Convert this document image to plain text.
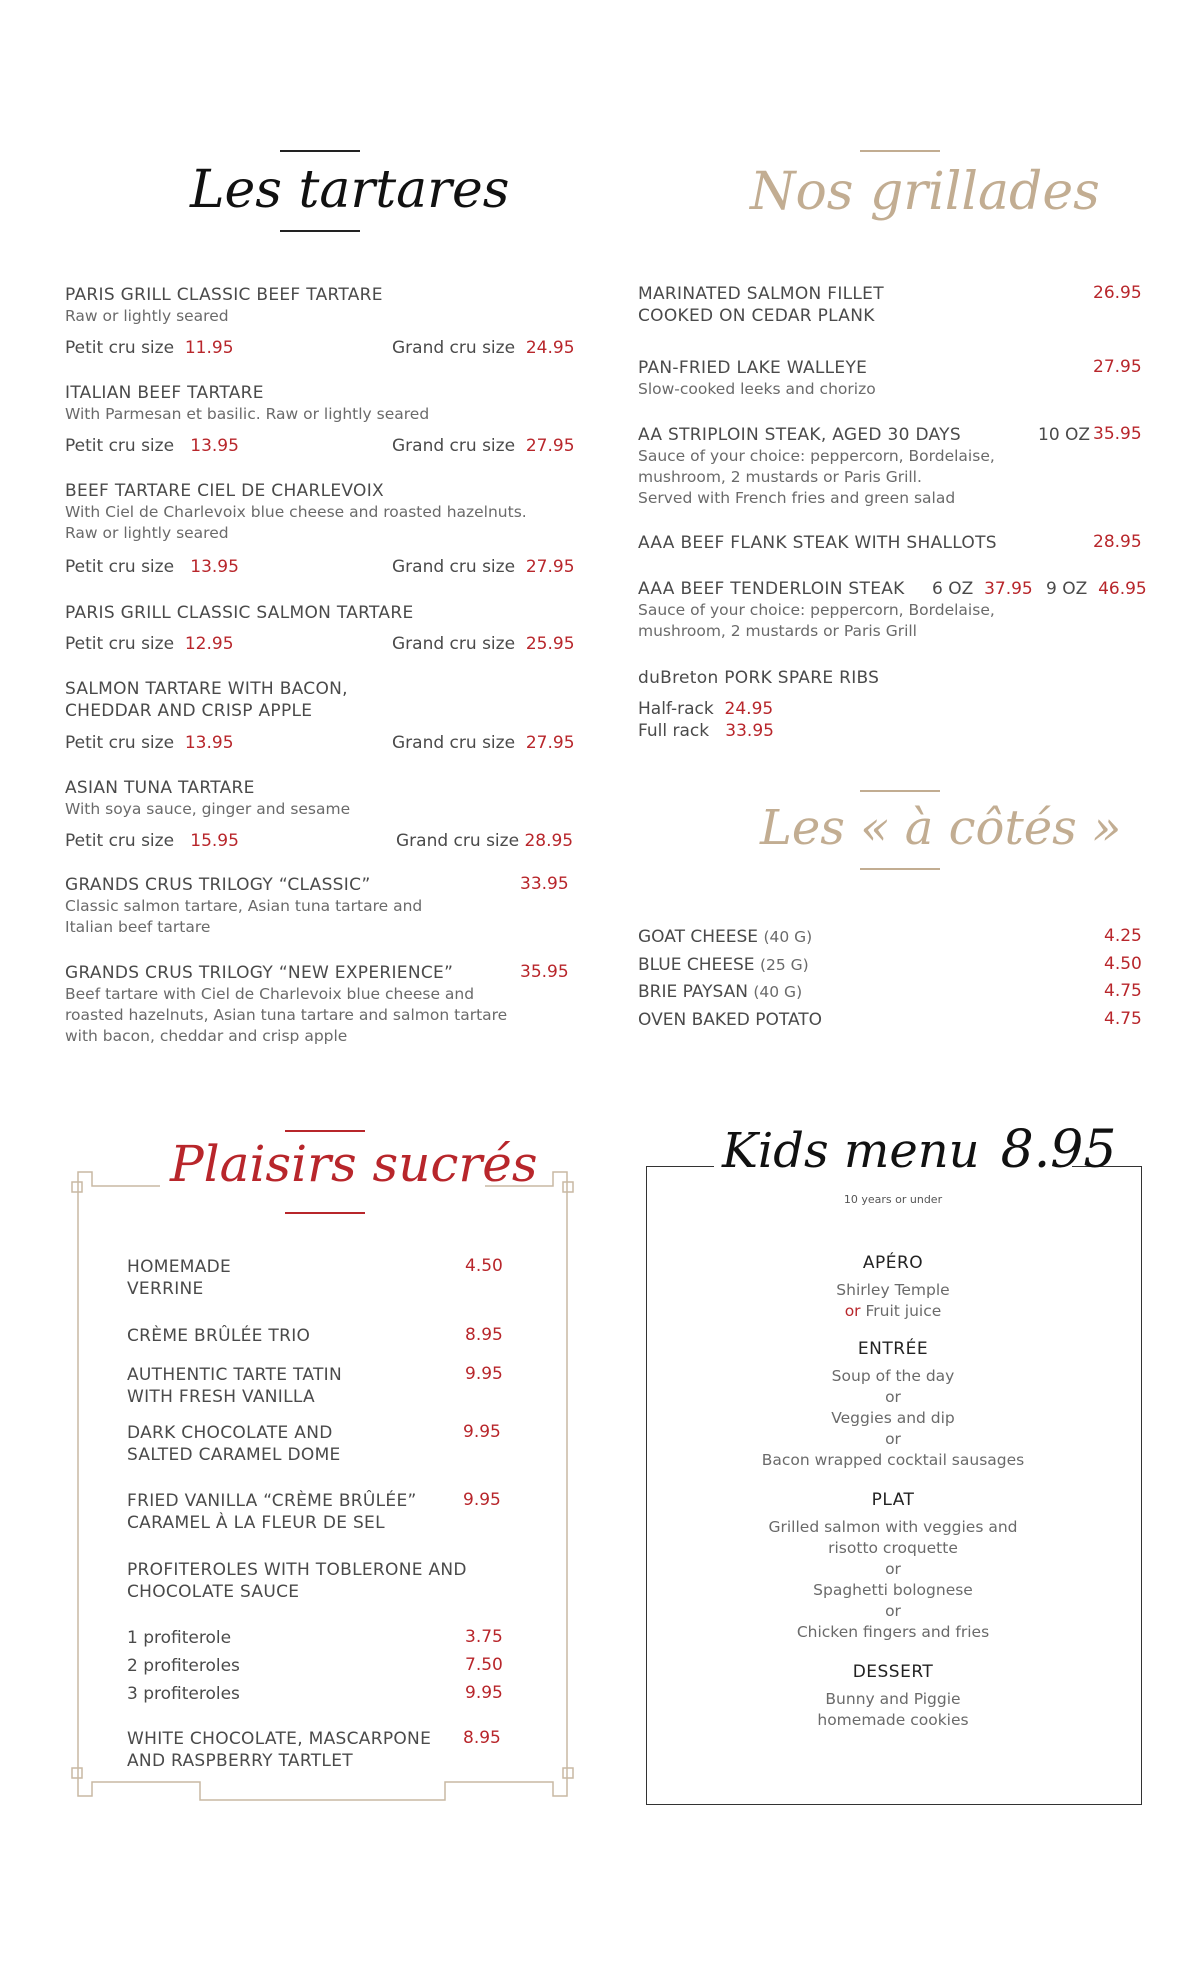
Les tartares
PARIS GRILL CLASSIC BEEF TARTARE
Raw or lightly seared
Petit cru size 11.95	Grand cru size 24.95
ITALIAN BEEF TARTARE
With Parmesan et basilic. Raw or lightly seared
Petit cru size 13.95	Grand cru size 27.95
BEEF TARTARE CIEL DE CHARLEVOIX
With Ciel de Charlevoix blue cheese and roasted hazelnuts.
Raw or lightly seared
Petit cru size 13.95	Grand cru size 27.95
PARIS GRILL CLASSIC SALMON TARTARE
Petit cru size 12.95	Grand cru size 25.95
SALMON TARTARE WITH BACON,
CHEDDAR AND CRISP APPLE
Petit cru size 13.95	Grand cru size 27.95
ASIAN TUNA TARTARE
With soya sauce, ginger and sesame
Petit cru size 15.95	Grand cru size 28.95
GRANDS CRUS TRILOGY “CLASSIC”
Classic salmon tartare, Asian tuna tartare and
Italian beef tartare
33.95
GRANDS CRUS TRILOGY “NEW EXPERIENCE”
Beef tartare with Ciel de Charlevoix blue cheese and
roasted hazelnuts, Asian tuna tartare and salmon tartare
with bacon, cheddar and crisp apple
35.95
Nos grillades
MARINATED SALMON FILLET
COOKED ON CEDAR PLANK
26.95
PAN-FRIED LAKE WALLEYE
Slow-cooked leeks and chorizo
27.95
AA STRIPLOIN STEAK, AGED 30 DAYS
Sauce of your choice: peppercorn, Bordelaise,
mushroom, 2 mustards or Paris Grill.
Served with French fries and green salad
10 OZ 35.95
AAA BEEF FLANK STEAK WITH SHALLOTS	28.95
AAA BEEF TENDERLOIN STEAK
Sauce of your choice: peppercorn, Bordelaise,
mushroom, 2 mustards or Paris Grill
6 OZ 37.95 9 OZ 46.95
duBreton PORK SPARE RIBS
Half-rack 24.95
Full rack 33.95
Les « à côtés »
GOAT CHEESE (40 G)	4.25
BLUE CHEESE (25 G)	4.50
BRIE PAYSAN (40 G)	4.75
OVEN BAKED POTATO	4.75
Plaisirs sucrés
HOMEMADE
VERRINE
4.50
CRÈME BRÛLÉE TRIO	8.95
AUTHENTIC TARTE TATIN
WITH FRESH VANILLA
9.95
DARK CHOCOLATE AND
SALTED CARAMEL DOME
9.95
FRIED VANILLA “CRÈME BRÛLÉE”
CARAMEL À LA FLEUR DE SEL
9.95
PROFITEROLES WITH TOBLERONE AND
CHOCOLATE SAUCE
1 profiterole	3.75
2 profiteroles	7.50
3 profiteroles	9.95
WHITE CHOCOLATE, MASCARPONE
AND RASPBERRY TARTLET
8.95
Kids menu 8.95
10 years or under
APÉRO
Shirley Temple
or Fruit juice
ENTRÉE
Soup of the day
or
Veggies and dip
or
Bacon wrapped cocktail sausages
PLAT
Grilled salmon with veggies and
risotto croquette
or
Spaghetti bolognese
or
Chicken fingers and fries
DESSERT
Bunny and Piggie
homemade cookies
